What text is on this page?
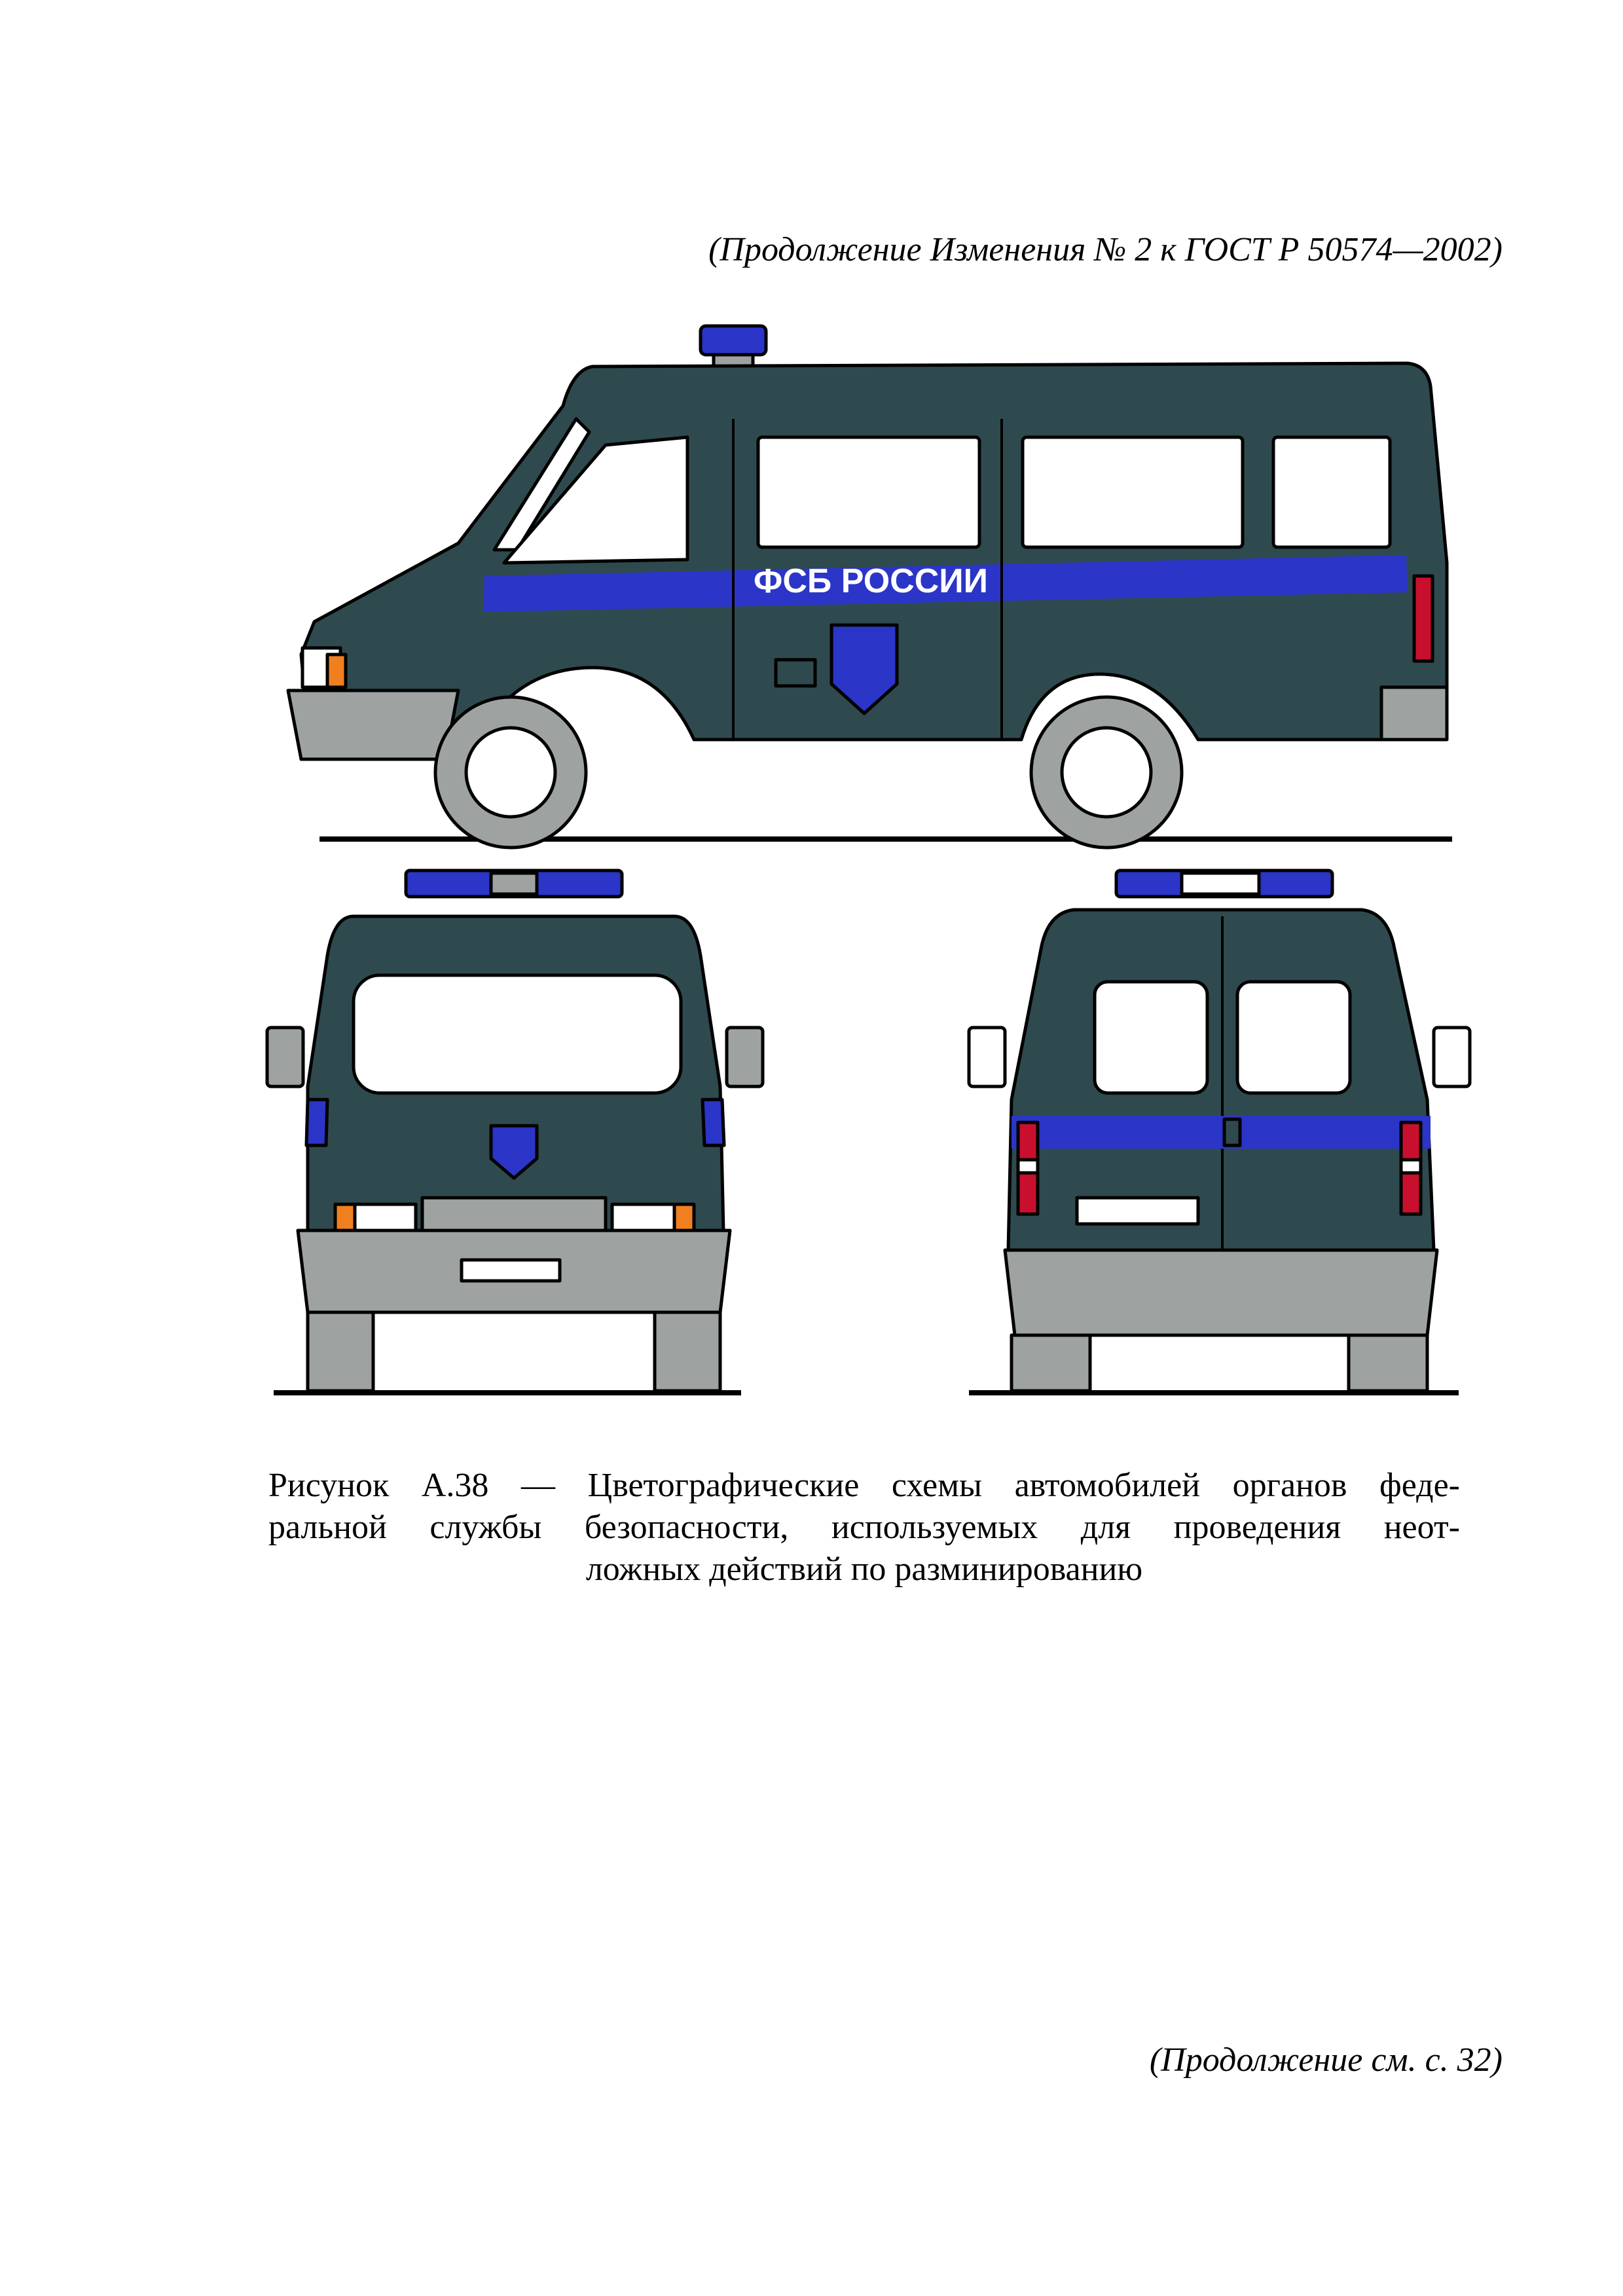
(Продолжение Изменения № 2 к ГОСТ Р 50574—2002)
ФСБ РОССИИ
Рисунок А.38 — Цветографические схемы автомобилей органов феде-
ральной службы безопасности, используемых для проведения неот-
ложных действий по разминированию
(Продолжение см. с. 32)
